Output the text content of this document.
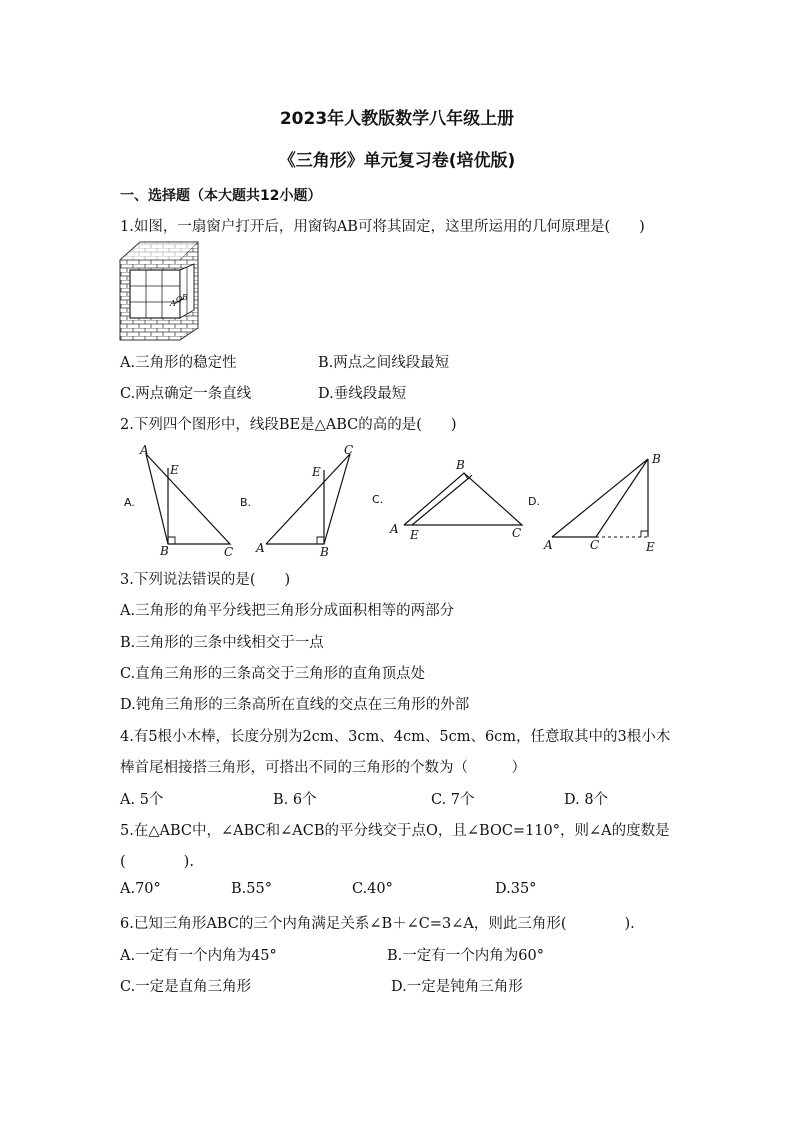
2023年人教版数学八年级上册
《三角形》单元复习卷(培优版)
一、选择题（本大题共12小题）
1.如图，一扇窗户打开后，用窗钩AB可将其固定，这里所运用的几何原理是(　　)
A O B
A.三角形的稳定性	B.两点之间线段最短
C.两点确定一条直线	D.垂线段最短
2.下列四个图形中，线段BE是△ABC的高的是(　　)
A.
A
E
B	C
B.
E
C
A	B
C.
B
A E	C
D.
B
A	C	E
3.下列说法错误的是(　　)
A.三角形的角平分线把三角形分成面积相等的两部分
B.三角形的三条中线相交于一点
C.直角三角形的三条高交于三角形的直角顶点处
D.钝角三角形的三条高所在直线的交点在三角形的外部
4.有5根小木棒，长度分别为2cm、3cm、4cm、5cm、6cm，任意取其中的3根小木
棒首尾相接搭三角形，可搭出不同的三角形的个数为（　　　）
A. 5个	B. 6个	C. 7个	D. 8个
5.在△ABC中，∠ABC和∠ACB的平分线交于点O，且∠BOC=110°，则∠A的度数是
(　　　　).
A.70°	B.55°	C.40°	D.35°
6.已知三角形ABC的三个内角满足关系∠B＋∠C=3∠A，则此三角形(　　　　).
A.一定有一个内角为45°	B.一定有一个内角为60°
C.一定是直角三角形	D.一定是钝角三角形
